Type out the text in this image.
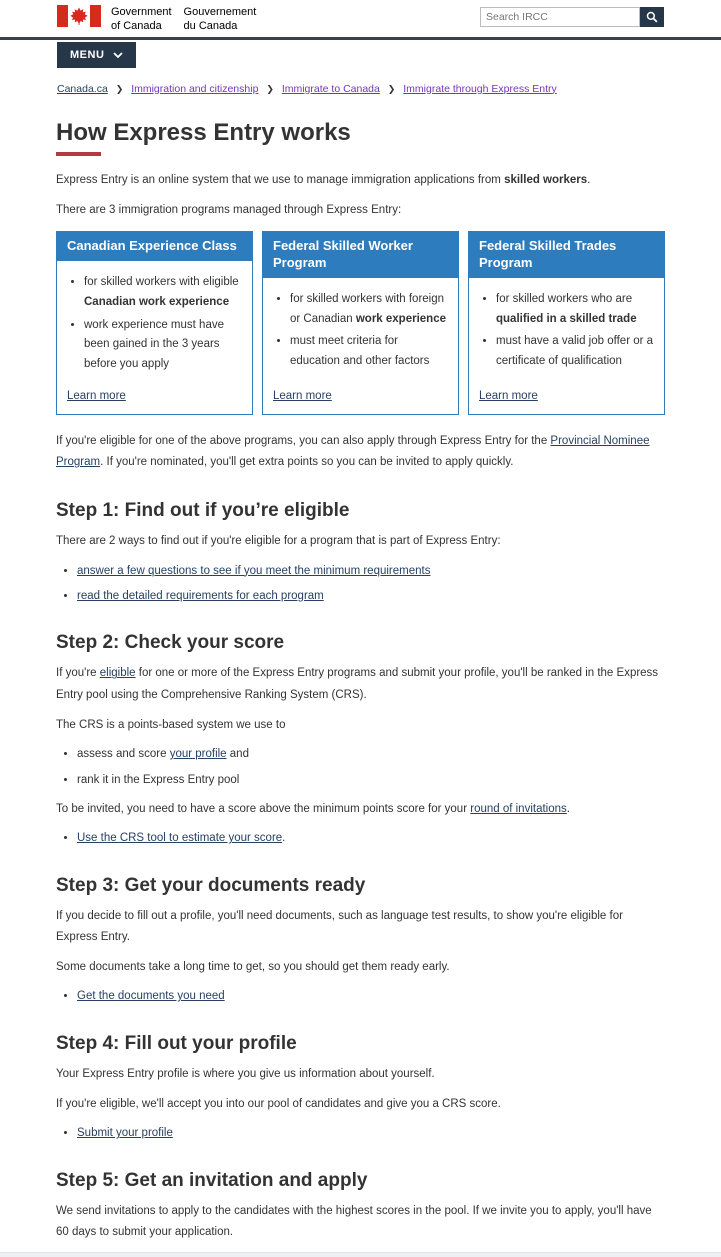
Government
of Canada
Gouvernement
du Canada
Search IRCC
MENU
Canada.ca ❯ Immigration and citizenship ❯ Immigrate to Canada ❯ Immigrate through Express Entry
How Express Entry works

Express Entry is an online system that we use to manage immigration applications from skilled workers.

There are 3 immigration programs managed through Express Entry:

Canadian Experience Class
• for skilled workers with eligible Canadian work experience
• work experience must have been gained in the 3 years before you apply
Learn more
Federal Skilled Worker Program
• for skilled workers with foreign or Canadian work experience
• must meet criteria for education and other factors
Learn more
Federal Skilled Trades Program
• for skilled workers who are qualified in a skilled trade
• must have a valid job offer or a certificate of qualification
Learn more

If you're eligible for one of the above programs, you can also apply through Express Entry for the Provincial Nominee Program. If you're nominated, you'll get extra points so you can be invited to apply quickly.

Step 1: Find out if you’re eligible

There are 2 ways to find out if you're eligible for a program that is part of Express Entry:

• answer a few questions to see if you meet the minimum requirements
• read the detailed requirements for each program
Step 2: Check your score

If you're eligible for one or more of the Express Entry programs and submit your profile, you'll be ranked in the Express Entry pool using the Comprehensive Ranking System (CRS).

The CRS is a points-based system we use to

• assess and score your profile and
• rank it in the Express Entry pool

To be invited, you need to have a score above the minimum points score for your round of invitations.

• Use the CRS tool to estimate your score.
Step 3: Get your documents ready

If you decide to fill out a profile, you'll need documents, such as language test results, to show you're eligible for Express Entry.

Some documents take a long time to get, so you should get them ready early.

• Get the documents you need
Step 4: Fill out your profile

Your Express Entry profile is where you give us information about yourself.

If you're eligible, we'll accept you into our pool of candidates and give you a CRS score.

• Submit your profile
Step 5: Get an invitation and apply

We send invitations to apply to the candidates with the highest scores in the pool. If we invite you to apply, you'll have 60 days to submit your application.
